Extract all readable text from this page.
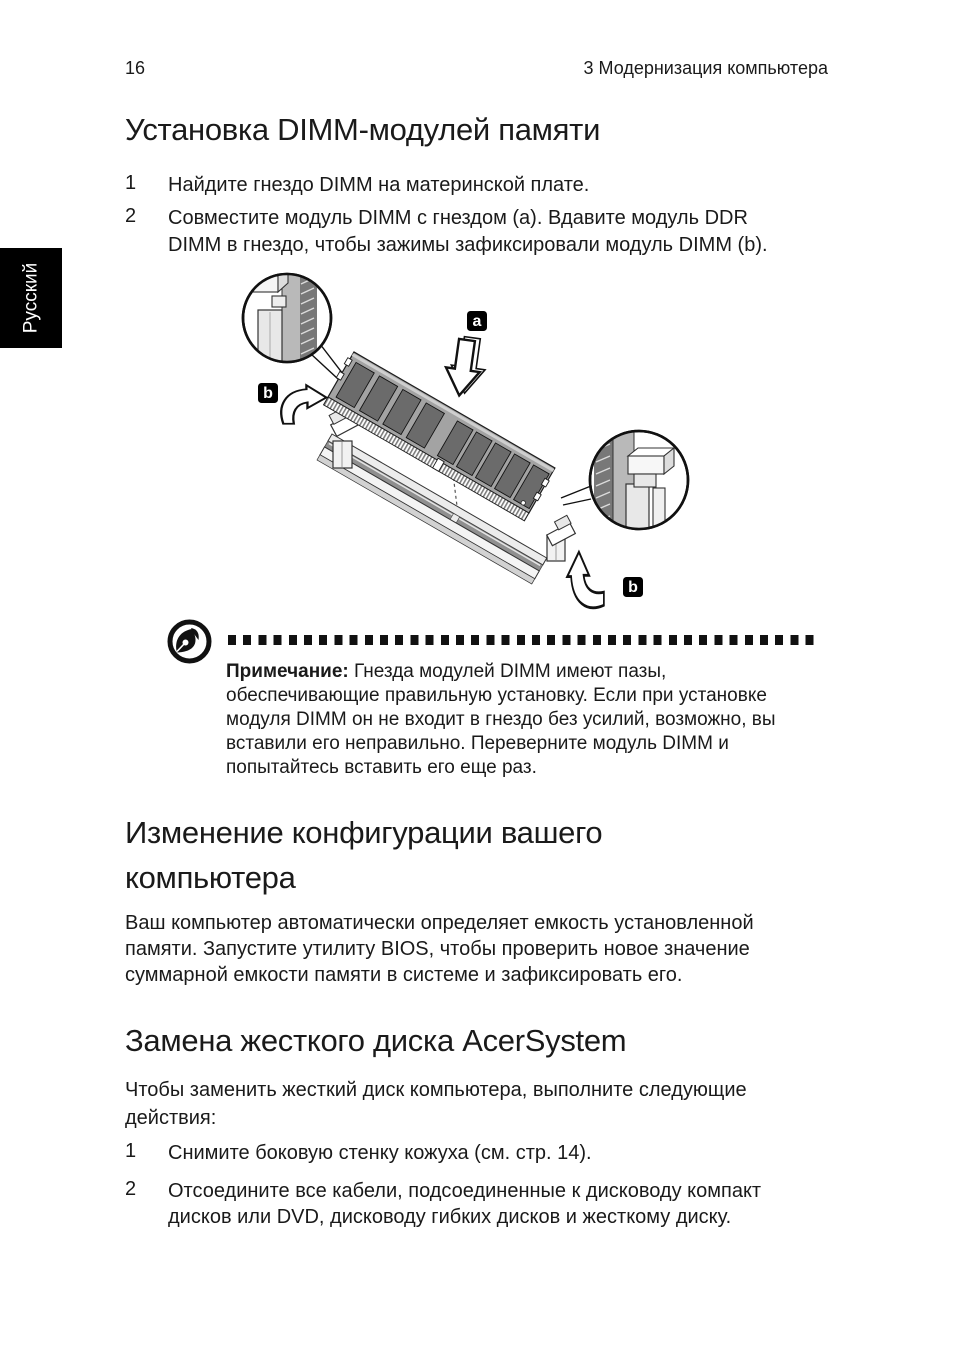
16	3 Модернизация компьютера
Установка DIMM-модулей памяти
1 Найдите гнездо DIMM на материнской плате.
2 Совместите модуль DIMM с гнездом (a). Вдавите модуль DDR
DIMM в гнездо, чтобы зажимы зафиксировали модуль DIMM (b).
Русский	a
b
b
Примечание: Гнезда модулей DIMM имеют пазы,
обеспечивающие правильную установку. Если при установке
модуля DIMM он не входит в гнездо без усилий, возможно, вы
вставили его неправильно. Переверните модуль DIMM и
попытайтесь вставить его еще раз.
Изменение конфигурации вашего
компьютера
Ваш компьютер автоматически определяет емкость установленной
памяти. Запустите утилиту BIOS, чтобы проверить новое значение
суммарной емкости памяти в системе и зафиксировать его.
Замена жесткого диска AcerSystem
Чтобы заменить жесткий диск компьютера, выполните следующие
действия:
1 Снимите боковую стенку кожуха (см. стр. 14).
2 Отсоедините все кабели, подсоединенные к дисководу компакт
дисков или DVD, дисководу гибких дисков и жесткому диску.
